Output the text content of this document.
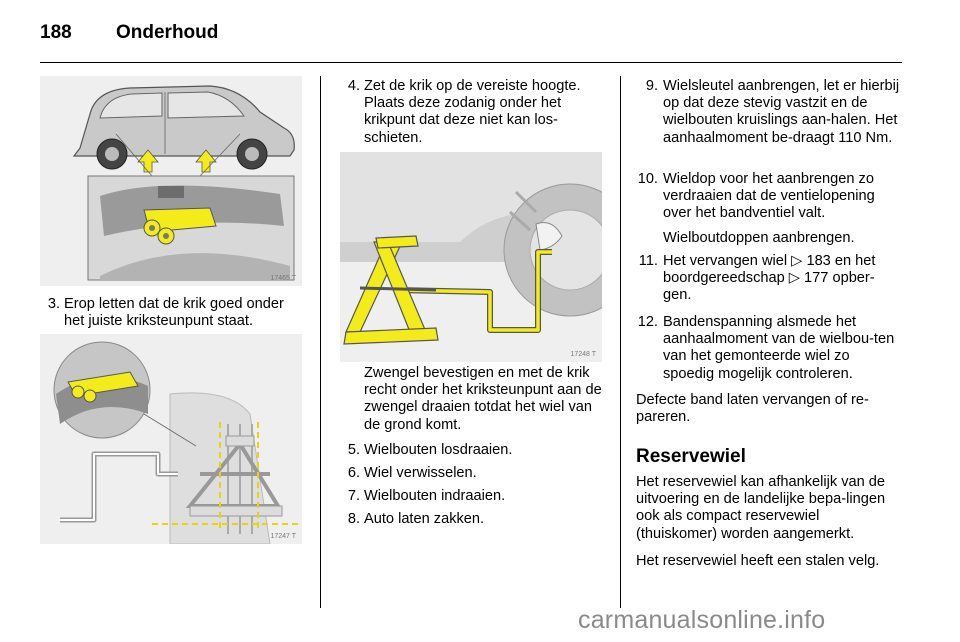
188 Onderhoud
17465 T
3. Erop letten dat de krik goed onder het juiste kriksteunpunt staat.
17247 T
4. Zet de krik op de vereiste hoogte. Plaats deze zodanig onder het krikpunt dat deze niet kan los-schieten.
17248 T

Zwengel bevestigen en met de krik recht onder het kriksteunpunt aan de zwengel draaien totdat het wiel van de grond komt.

5. Wielbouten losdraaien.
6. Wiel verwisselen.
7. Wielbouten indraaien.
8. Auto laten zakken.
9. Wielsleutel aanbrengen, let er hierbij op dat deze stevig vastzit en de wielbouten kruislings aan-halen. Het aanhaalmoment be-draagt 110 Nm.
10. Wieldop voor het aanbrengen zo verdraaien dat de ventielopening over het bandventiel valt.

Wielboutdoppen aanbrengen.

11. Het vervangen wiel ▷ 183 en het boordgereedschap ▷ 177 opber-gen.
12. Bandenspanning alsmede het aanhaalmoment van de wielbou-ten van het gemonteerde wiel zo spoedig mogelijk controleren.

Defecte band laten vervangen of re-pareren.

Reservewiel

Het reservewiel kan afhankelijk van de uitvoering en de landelijke bepa-lingen ook als compact reservewiel (thuiskomer) worden aangemerkt.

Het reservewiel heeft een stalen velg.

carmanualsonline.info
